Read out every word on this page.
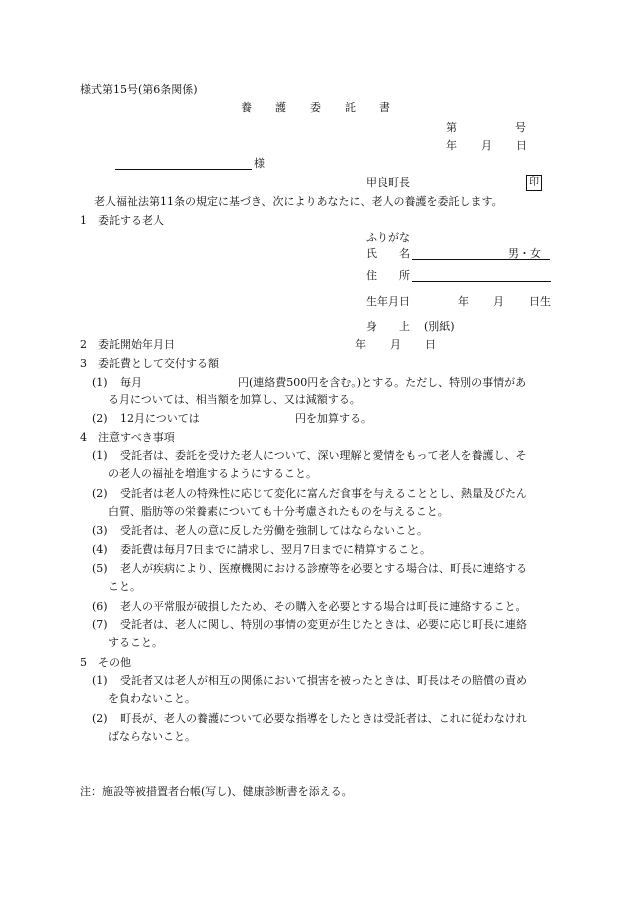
様式第15号(第6条関係)
養 護 委 託 書
第	号
年 月 日
様
甲良町長	印
老人福祉法第11条の規定に基づき、次によりあなたに、老人の養護を委託します。
1　委託する老人
ふりがな
氏　　名	男・女
住　　所
生年月日	年 月 日生
身　　上 (別紙)
2　委託開始年月日	年 月 日
3　委託費として交付する額
(1) 毎月	円(連絡費500円を含む。)とする。ただし、特別の事情があ
る月については、相当額を加算し、又は減額する。
(2) 12月については	円を加算する。
4　注意すべき事項
(1) 受託者は、委託を受けた老人について、深い理解と愛情をもって老人を養護し、そ
の老人の福祉を増進するようにすること。
(2) 受託者は老人の特殊性に応じて変化に富んだ食事を与えることとし、熱量及びたん
白質、脂肪等の栄養素についても十分考慮されたものを与えること。
(3) 受託者は、老人の意に反した労働を強制してはならないこと。
(4) 委託費は毎月7日までに請求し、翌月7日までに精算すること。
(5) 老人が疾病により、医療機関における診療等を必要とする場合は、町長に連絡する
こと。
(6) 老人の平常服が破損したため、その購入を必要とする場合は町長に連絡すること。
(7) 受託者は、老人に関し、特別の事情の変更が生じたときは、必要に応じ町長に連絡
すること。
5　その他
(1) 受託者又は老人が相互の関係において損害を被ったときは、町長はその賠償の責め
を負わないこと。
(2) 町長が、老人の養護について必要な指導をしたときは受託者は、これに従わなけれ
ばならないこと。
注：施設等被措置者台帳(写し)、健康診断書を添える。
